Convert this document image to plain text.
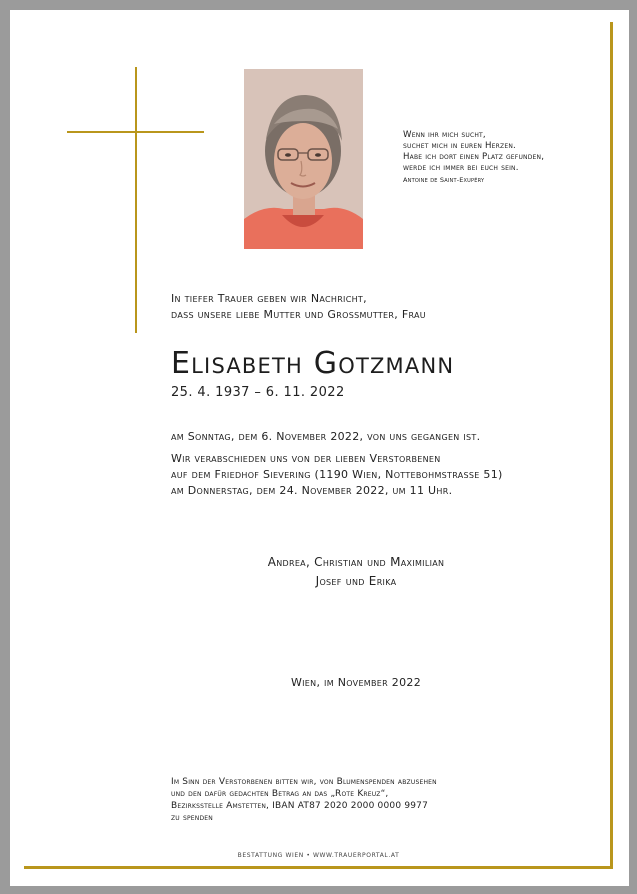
Wenn ihr mich sucht,
suchet mich in euren Herzen.
Habe ich dort einen Platz gefunden,
werde ich immer bei euch sein.
Antoine de Saint-Exupéry
In tiefer Trauer geben wir Nachricht,
dass unsere liebe Mutter und Grossmutter, Frau
Elisabeth Gotzmann
25. 4. 1937 – 6. 11. 2022
am Sonntag, dem 6. November 2022, von uns gegangen ist.
Wir verabschieden uns von der lieben Verstorbenen
auf dem Friedhof Sievering (1190 Wien, Nottebohmstrasse 51)
am Donnerstag, dem 24. November 2022, um 11 Uhr.
Andrea, Christian und Maximilian
Josef und Erika
Wien, im November 2022
Im Sinn der Verstorbenen bitten wir, von Blumenspenden abzusehen
und den dafür gedachten Betrag an das „Rote Kreuz“,
Bezirksstelle Amstetten, IBAN AT87 2020 2000 0000 9977
zu spenden
BESTATTUNG WIEN • WWW.TRAUERPORTAL.AT
